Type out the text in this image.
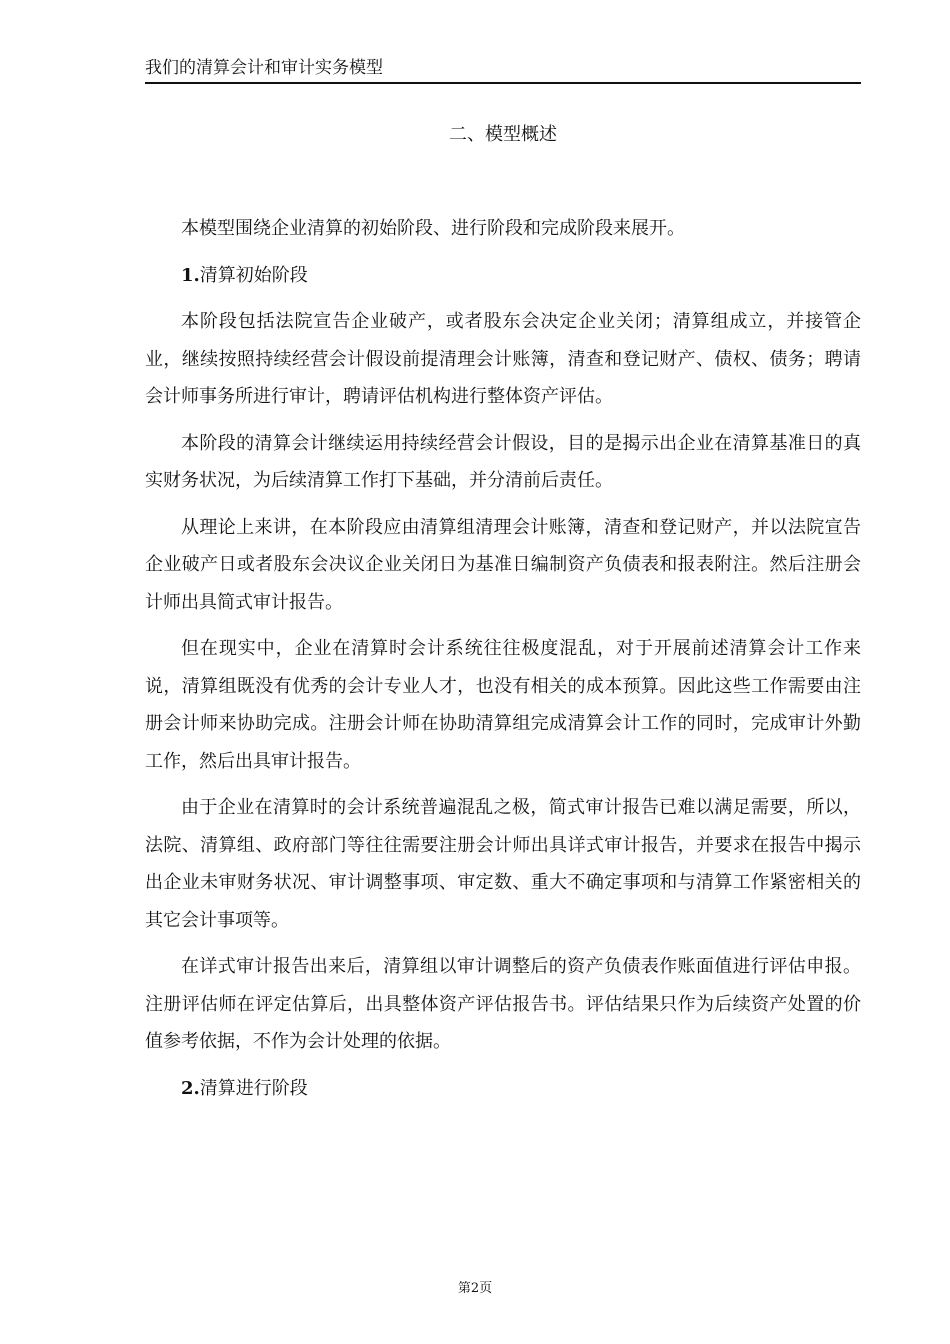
我们的清算会计和审计实务模型
二、模型概述

本模型围绕企业清算的初始阶段、进行阶段和完成阶段来展开。

1.清算初始阶段

本阶段包括法院宣告企业破产，或者股东会决定企业关闭；清算组成立，并接管企业，继续按照持续经营会计假设前提清理会计账簿，清查和登记财产、债权、债务；聘请会计师事务所进行审计，聘请评估机构进行整体资产评估。

本阶段的清算会计继续运用持续经营会计假设，目的是揭示出企业在清算基准日的真实财务状况，为后续清算工作打下基础，并分清前后责任。

从理论上来讲，在本阶段应由清算组清理会计账簿，清查和登记财产，并以法院宣告企业破产日或者股东会决议企业关闭日为基准日编制资产负债表和报表附注。然后注册会计师出具简式审计报告。

但在现实中，企业在清算时会计系统往往极度混乱，对于开展前述清算会计工作来说，清算组既没有优秀的会计专业人才，也没有相关的成本预算。因此这些工作需要由注册会计师来协助完成。注册会计师在协助清算组完成清算会计工作的同时，完成审计外勤工作，然后出具审计报告。

由于企业在清算时的会计系统普遍混乱之极，简式审计报告已难以满足需要，所以，法院、清算组、政府部门等往往需要注册会计师出具详式审计报告，并要求在报告中揭示出企业未审财务状况、审计调整事项、审定数、重大不确定事项和与清算工作紧密相关的其它会计事项等。

在详式审计报告出来后，清算组以审计调整后的资产负债表作账面值进行评估申报。注册评估师在评定估算后，出具整体资产评估报告书。评估结果只作为后续资产处置的价值参考依据，不作为会计处理的依据。

2.清算进行阶段

第2页
